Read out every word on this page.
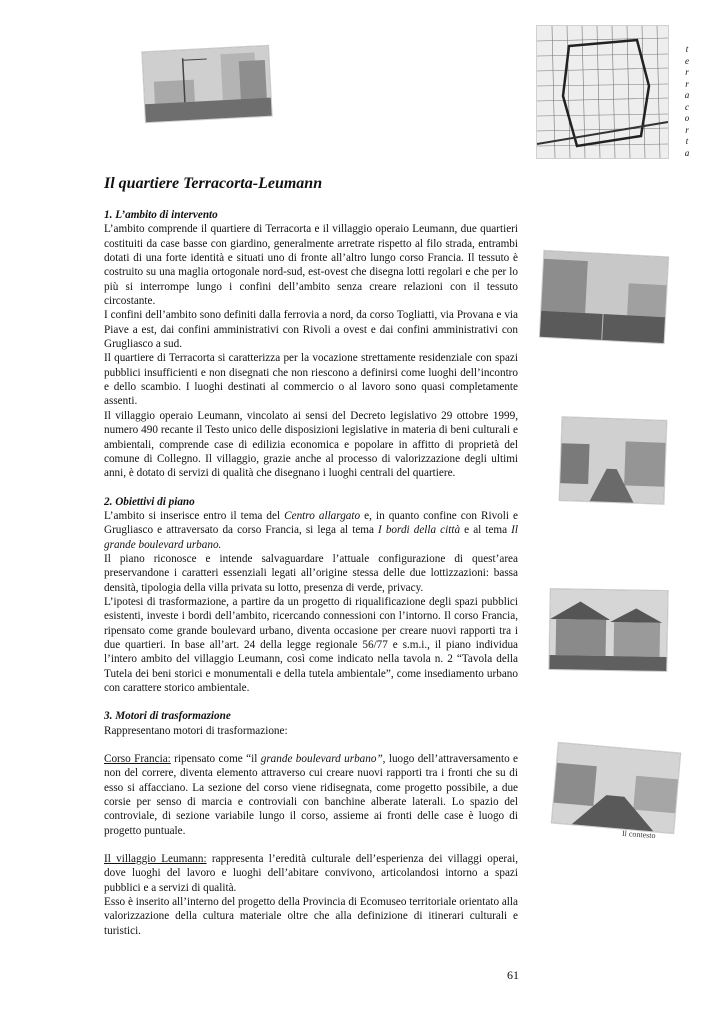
Il contesto
t
e
r
r
a
c
o
r
t
a
Il quartiere Terracorta-Leumann
1. L’ambito di intervento

L’ambito comprende il quartiere di Terracorta e il villaggio operaio Leumann, due quartieri costituiti da case basse con giardino, generalmente arretrate rispetto al filo strada, entrambi dotati di una forte identità e situati uno di fronte all’altro lungo corso Francia. Il tessuto è costruito su una maglia ortogonale nord-sud, est-ovest che disegna lotti regolari e che per lo più si interrompe lungo i confini dell’ambito senza creare relazioni con il tessuto circostante.

I confini dell’ambito sono definiti dalla ferrovia a nord, da corso Togliatti, via Provana e via Piave a est, dai confini amministrativi con Rivoli a ovest e dai confini amministrativi con Grugliasco a sud.

Il quartiere di Terracorta si caratterizza per la vocazione strettamente residenziale con spazi pubblici insufficienti e non disegnati che non riescono a definirsi come luoghi dell’incontro e dello scambio. I luoghi destinati al commercio o al lavoro sono quasi completamente assenti.

Il villaggio operaio Leumann, vincolato ai sensi del Decreto legislativo 29 ottobre 1999, numero 490 recante il Testo unico delle disposizioni legislative in materia di beni culturali e ambientali, comprende case di edilizia economica e popolare in affitto di proprietà del comune di Collegno. Il villaggio, grazie anche al processo di valorizzazione degli ultimi anni, è dotato di servizi di qualità che disegnano i luoghi centrali del quartiere.

2. Obiettivi di piano

L’ambito si inserisce entro il tema del Centro allargato e, in quanto confine con Rivoli e Grugliasco e attraversato da corso Francia, si lega al tema I bordi della città e al tema Il grande boulevard urbano.

Il piano riconosce e intende salvaguardare l’attuale configurazione di quest’area preservandone i caratteri essenziali legati all’origine stessa delle due lottizzazioni: bassa densità, tipologia della villa privata su lotto, presenza di verde, privacy.

L’ipotesi di trasformazione, a partire da un progetto di riqualificazione degli spazi pubblici esistenti, investe i bordi dell’ambito, ricercando connessioni con l’intorno. Il corso Francia, ripensato come grande boulevard urbano, diventa occasione per creare nuovi rapporti tra i due quartieri. In base all’art. 24 della legge regionale 56/77 e s.m.i., il piano individua l’intero ambito del villaggio Leumann, così come indicato nella tavola n. 2 “Tavola della Tutela dei beni storici e monumentali e della tutela ambientale”, come insediamento urbano con carattere storico ambientale.

3. Motori di trasformazione

Rappresentano motori di trasformazione:

Corso Francia: ripensato come “il grande boulevard urbano”, luogo dell’attraversamento e non del correre, diventa elemento attraverso cui creare nuovi rapporti tra i fronti che su di esso si affacciano. La sezione del corso viene ridisegnata, come progetto possibile, a due corsie per senso di marcia e controviali con banchine alberate laterali. Lo spazio del controviale, di sezione variabile lungo il corso, assieme ai fronti delle case è luogo di progetto puntuale.

Il villaggio Leumann: rappresenta l’eredità culturale dell’esperienza dei villaggi operai, dove luoghi del lavoro e luoghi dell’abitare convivono, articolandosi intorno a spazi pubblici e a servizi di qualità.

Esso è inserito all’interno del progetto della Provincia di Ecomuseo territoriale orientato alla valorizzazione della cultura materiale oltre che alla definizione di itinerari culturali e turistici.

61
